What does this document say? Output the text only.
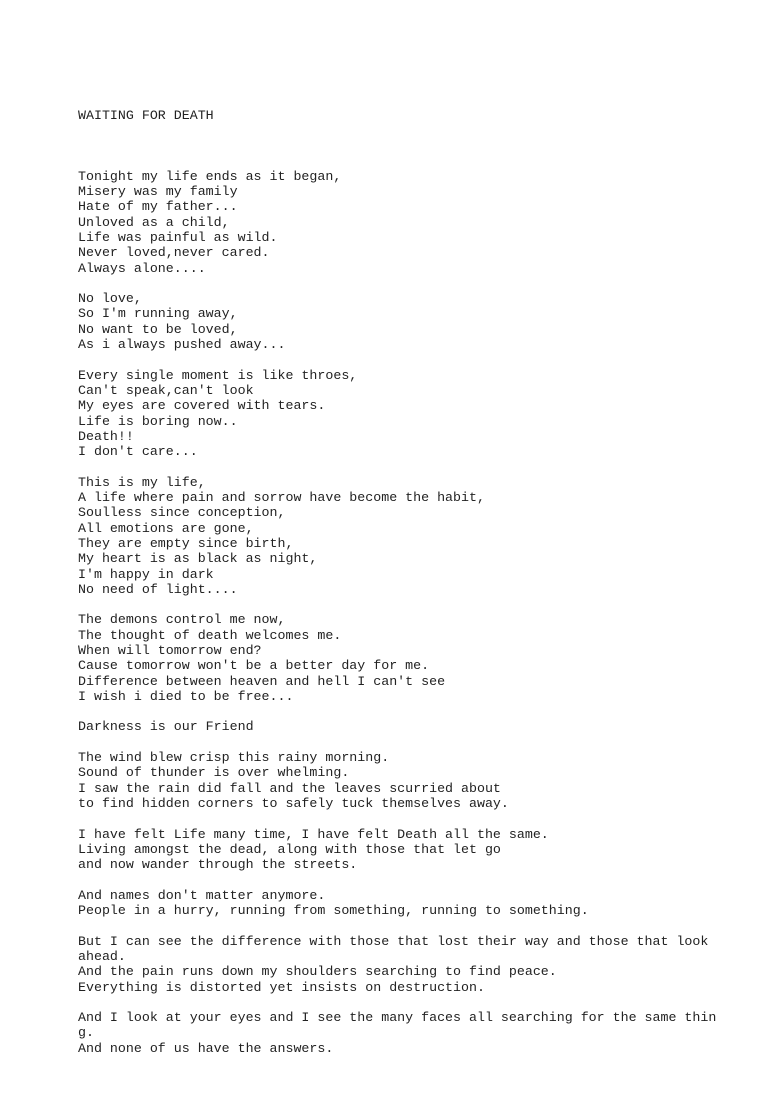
WAITING FOR DEATH

Tonight my life ends as it began,
Misery was my family
Hate of my father...
Unloved as a child,
Life was painful as wild.
Never loved,never cared.
Always alone....
No love,
So I'm running away,
No want to be loved,
As i always pushed away...
Every single moment is like throes,
Can't speak,can't look
My eyes are covered with tears.
Life is boring now..
Death!!
I don't care...
This is my life,
A life where pain and sorrow have become the habit,
Soulless since conception,
All emotions are gone,
They are empty since birth,
My heart is as black as night,
I'm happy in dark
No need of light....
The demons control me now,
The thought of death welcomes me.
When will tomorrow end?
Cause tomorrow won't be a better day for me.
Difference between heaven and hell I can't see
I wish i died to be free...
Darkness is our Friend
The wind blew crisp this rainy morning.
Sound of thunder is over whelming.
I saw the rain did fall and the leaves scurried about
to find hidden corners to safely tuck themselves away.
I have felt Life many time, I have felt Death all the same.
Living amongst the dead, along with those that let go
and now wander through the streets.
And names don't matter anymore.
People in a hurry, running from something, running to something.
But I can see the difference with those that lost their way and those that look
ahead.
And the pain runs down my shoulders searching to find peace.
Everything is distorted yet insists on destruction.
And I look at your eyes and I see the many faces all searching for the same thin
g.
And none of us have the answers.
